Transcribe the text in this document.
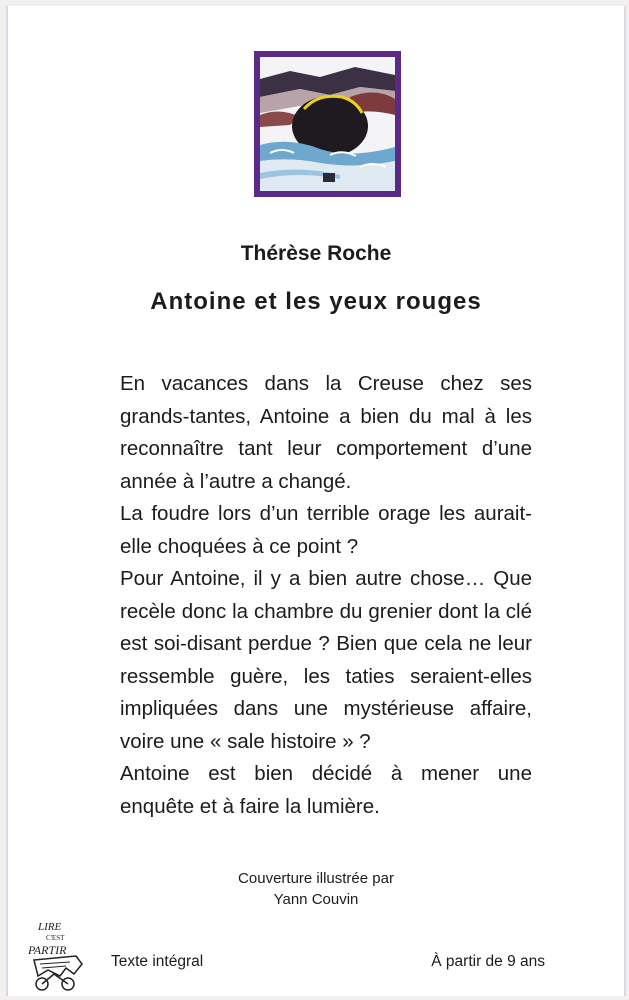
Thérèse Roche
Antoine et les yeux rouges

En vacances dans la Creuse chez ses grands-tantes, Antoine a bien du mal à les reconnaître tant leur comportement d’une année à l’autre a changé.

La foudre lors d’un terrible orage les aurait-elle choquées à ce point ?

Pour Antoine, il y a bien autre chose… Que recèle donc la chambre du grenier dont la clé est soi-disant perdue ? Bien que cela ne leur ressemble guère, les taties seraient-elles impliquées dans une mystérieuse affaire, voire une « sale histoire » ?

Antoine est bien décidé à mener une enquête et à faire la lumière.

Couverture illustrée par
Yann Couvin
LIRE
C'EST
PARTIR
Texte intégral	À partir de 9 ans
